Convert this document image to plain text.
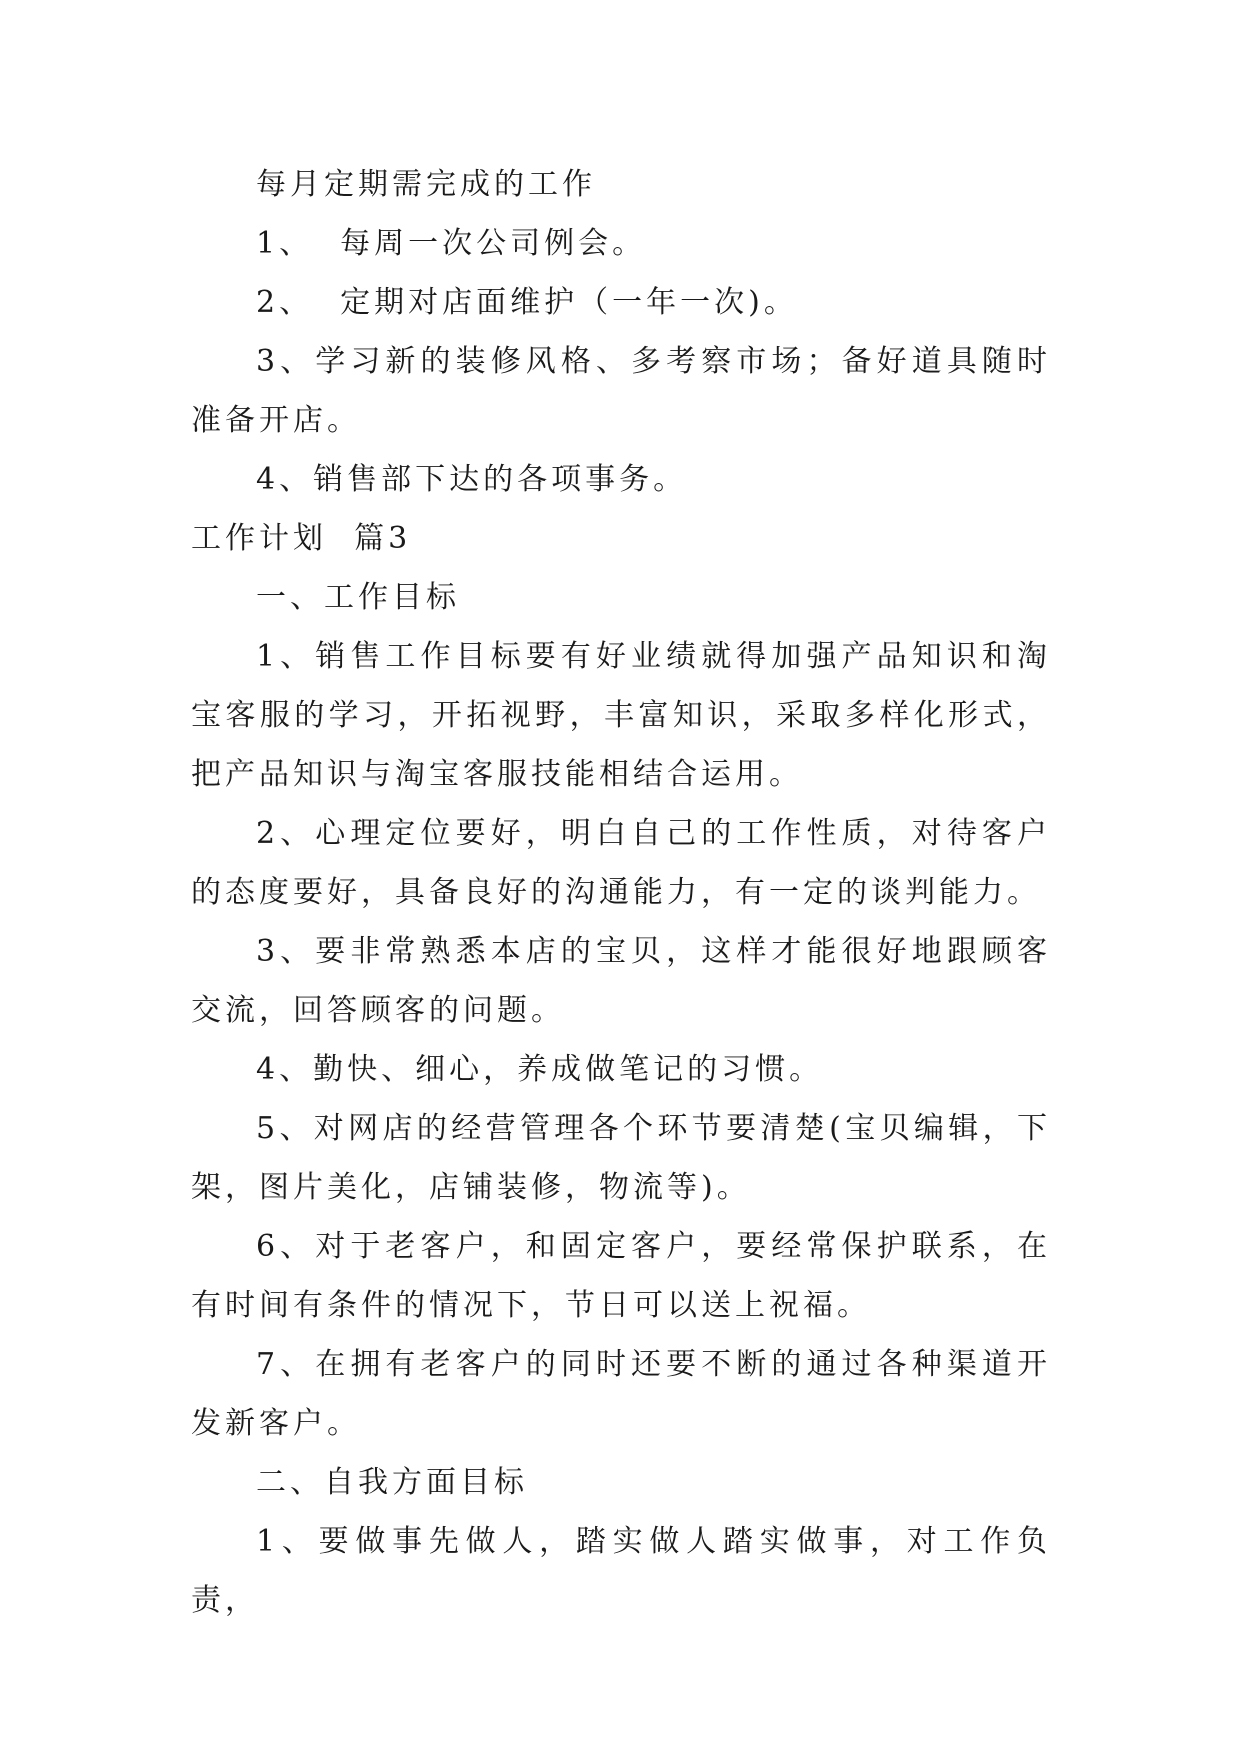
每月定期需完成的工作

1、  每周一次公司例会。

2、  定期对店面维护（一年一次)。

3、学习新的装修风格、多考察市场；备好道具随时准备开店。

4、销售部下达的各项事务。

工作计划  篇3

一、工作目标

1、销售工作目标要有好业绩就得加强产品知识和淘宝客服的学习，开拓视野，丰富知识，采取多样化形式，把产品知识与淘宝客服技能相结合运用。

2、心理定位要好，明白自己的工作性质，对待客户的态度要好，具备良好的沟通能力，有一定的谈判能力。

3、要非常熟悉本店的宝贝，这样才能很好地跟顾客交流，回答顾客的问题。

4、勤快、细心，养成做笔记的习惯。

5、对网店的经营管理各个环节要清楚(宝贝编辑，下架，图片美化，店铺装修，物流等)。

6、对于老客户，和固定客户，要经常保护联系，在有时间有条件的情况下，节日可以送上祝福。

7、在拥有老客户的同时还要不断的通过各种渠道开发新客户。

二、自我方面目标

1、要做事先做人，踏实做人踏实做事，对工作负责，
